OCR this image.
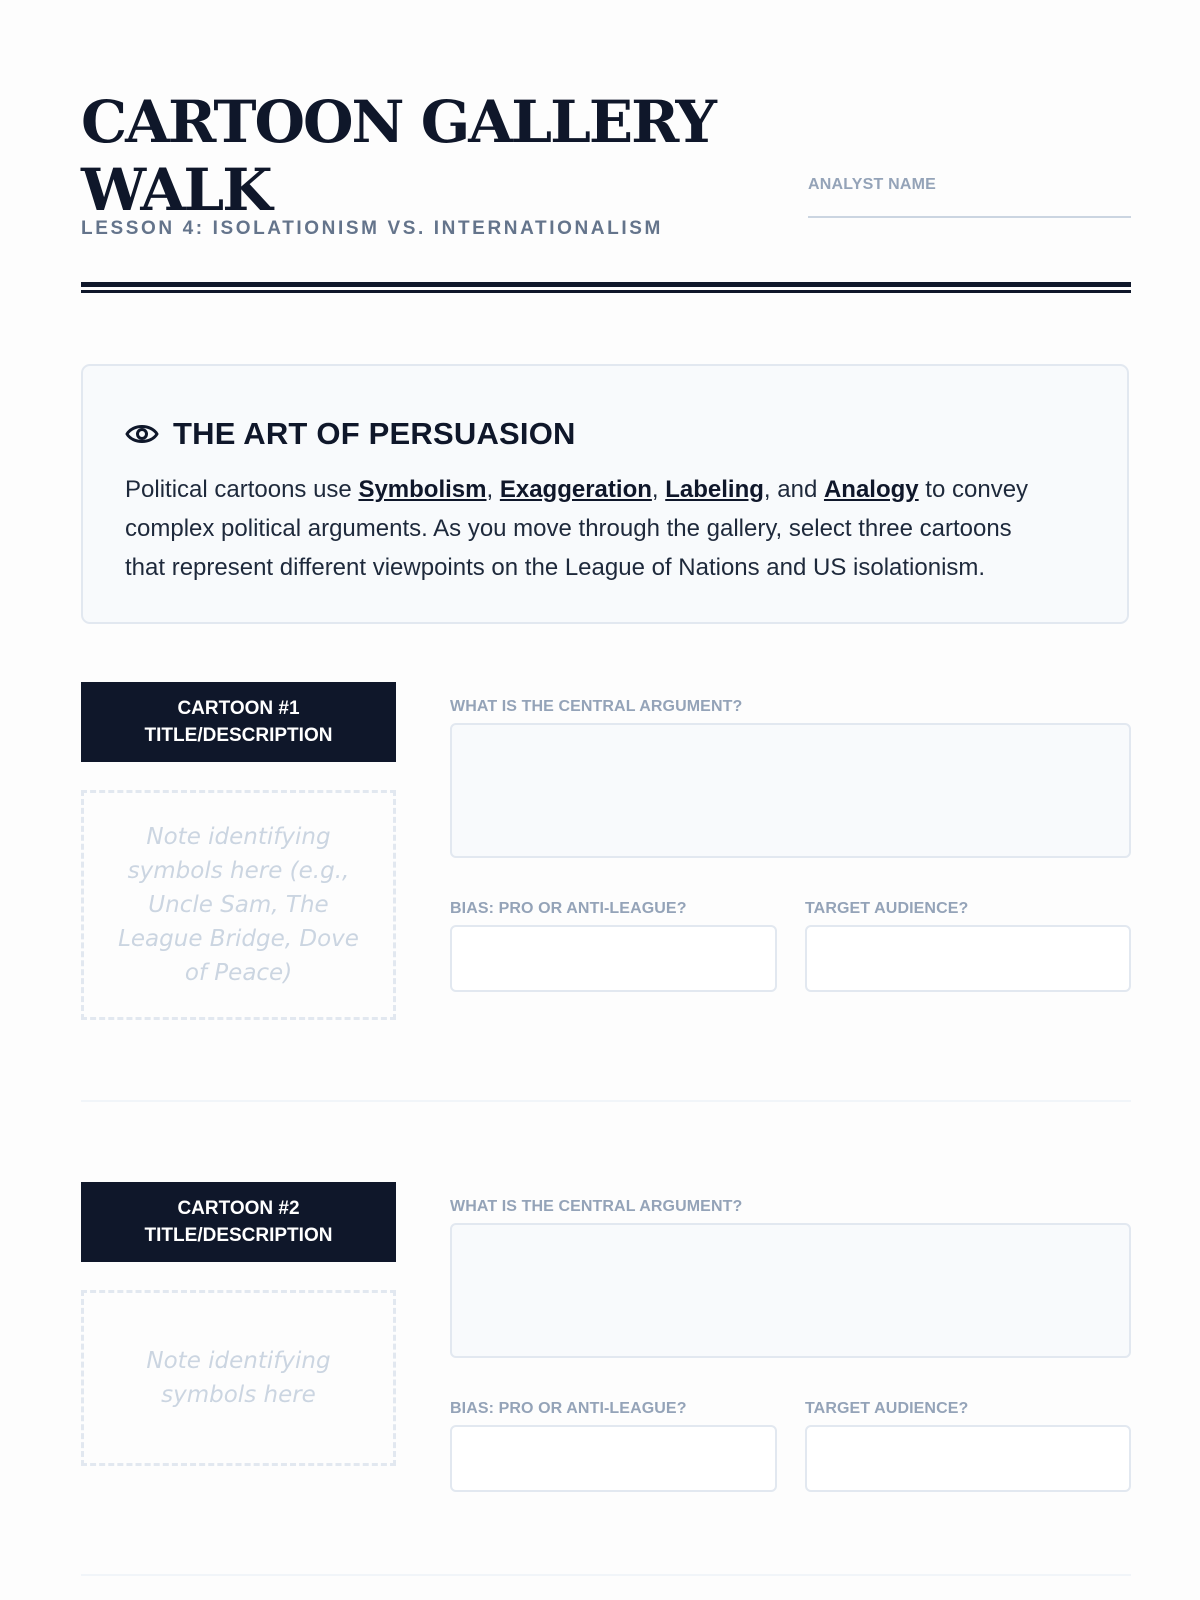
CARTOON GALLERY WALK
LESSON 4: ISOLATIONISM VS. INTERNATIONALISM
ANALYST NAME
THE ART OF PERSUASION
Political cartoons use Symbolism, Exaggeration, Labeling, and Analogy to convey complex political arguments. As you move through the gallery, select three cartoons that represent different viewpoints on the League of Nations and US isolationism.
CARTOON #1
TITLE/DESCRIPTION
Note identifying symbols here (e.g., Uncle Sam, The League Bridge, Dove of Peace)
WHAT IS THE CENTRAL ARGUMENT?
BIAS: PRO OR ANTI-LEAGUE?	TARGET AUDIENCE?
CARTOON #2
TITLE/DESCRIPTION
Note identifying symbols here
WHAT IS THE CENTRAL ARGUMENT?
BIAS: PRO OR ANTI-LEAGUE?	TARGET AUDIENCE?
